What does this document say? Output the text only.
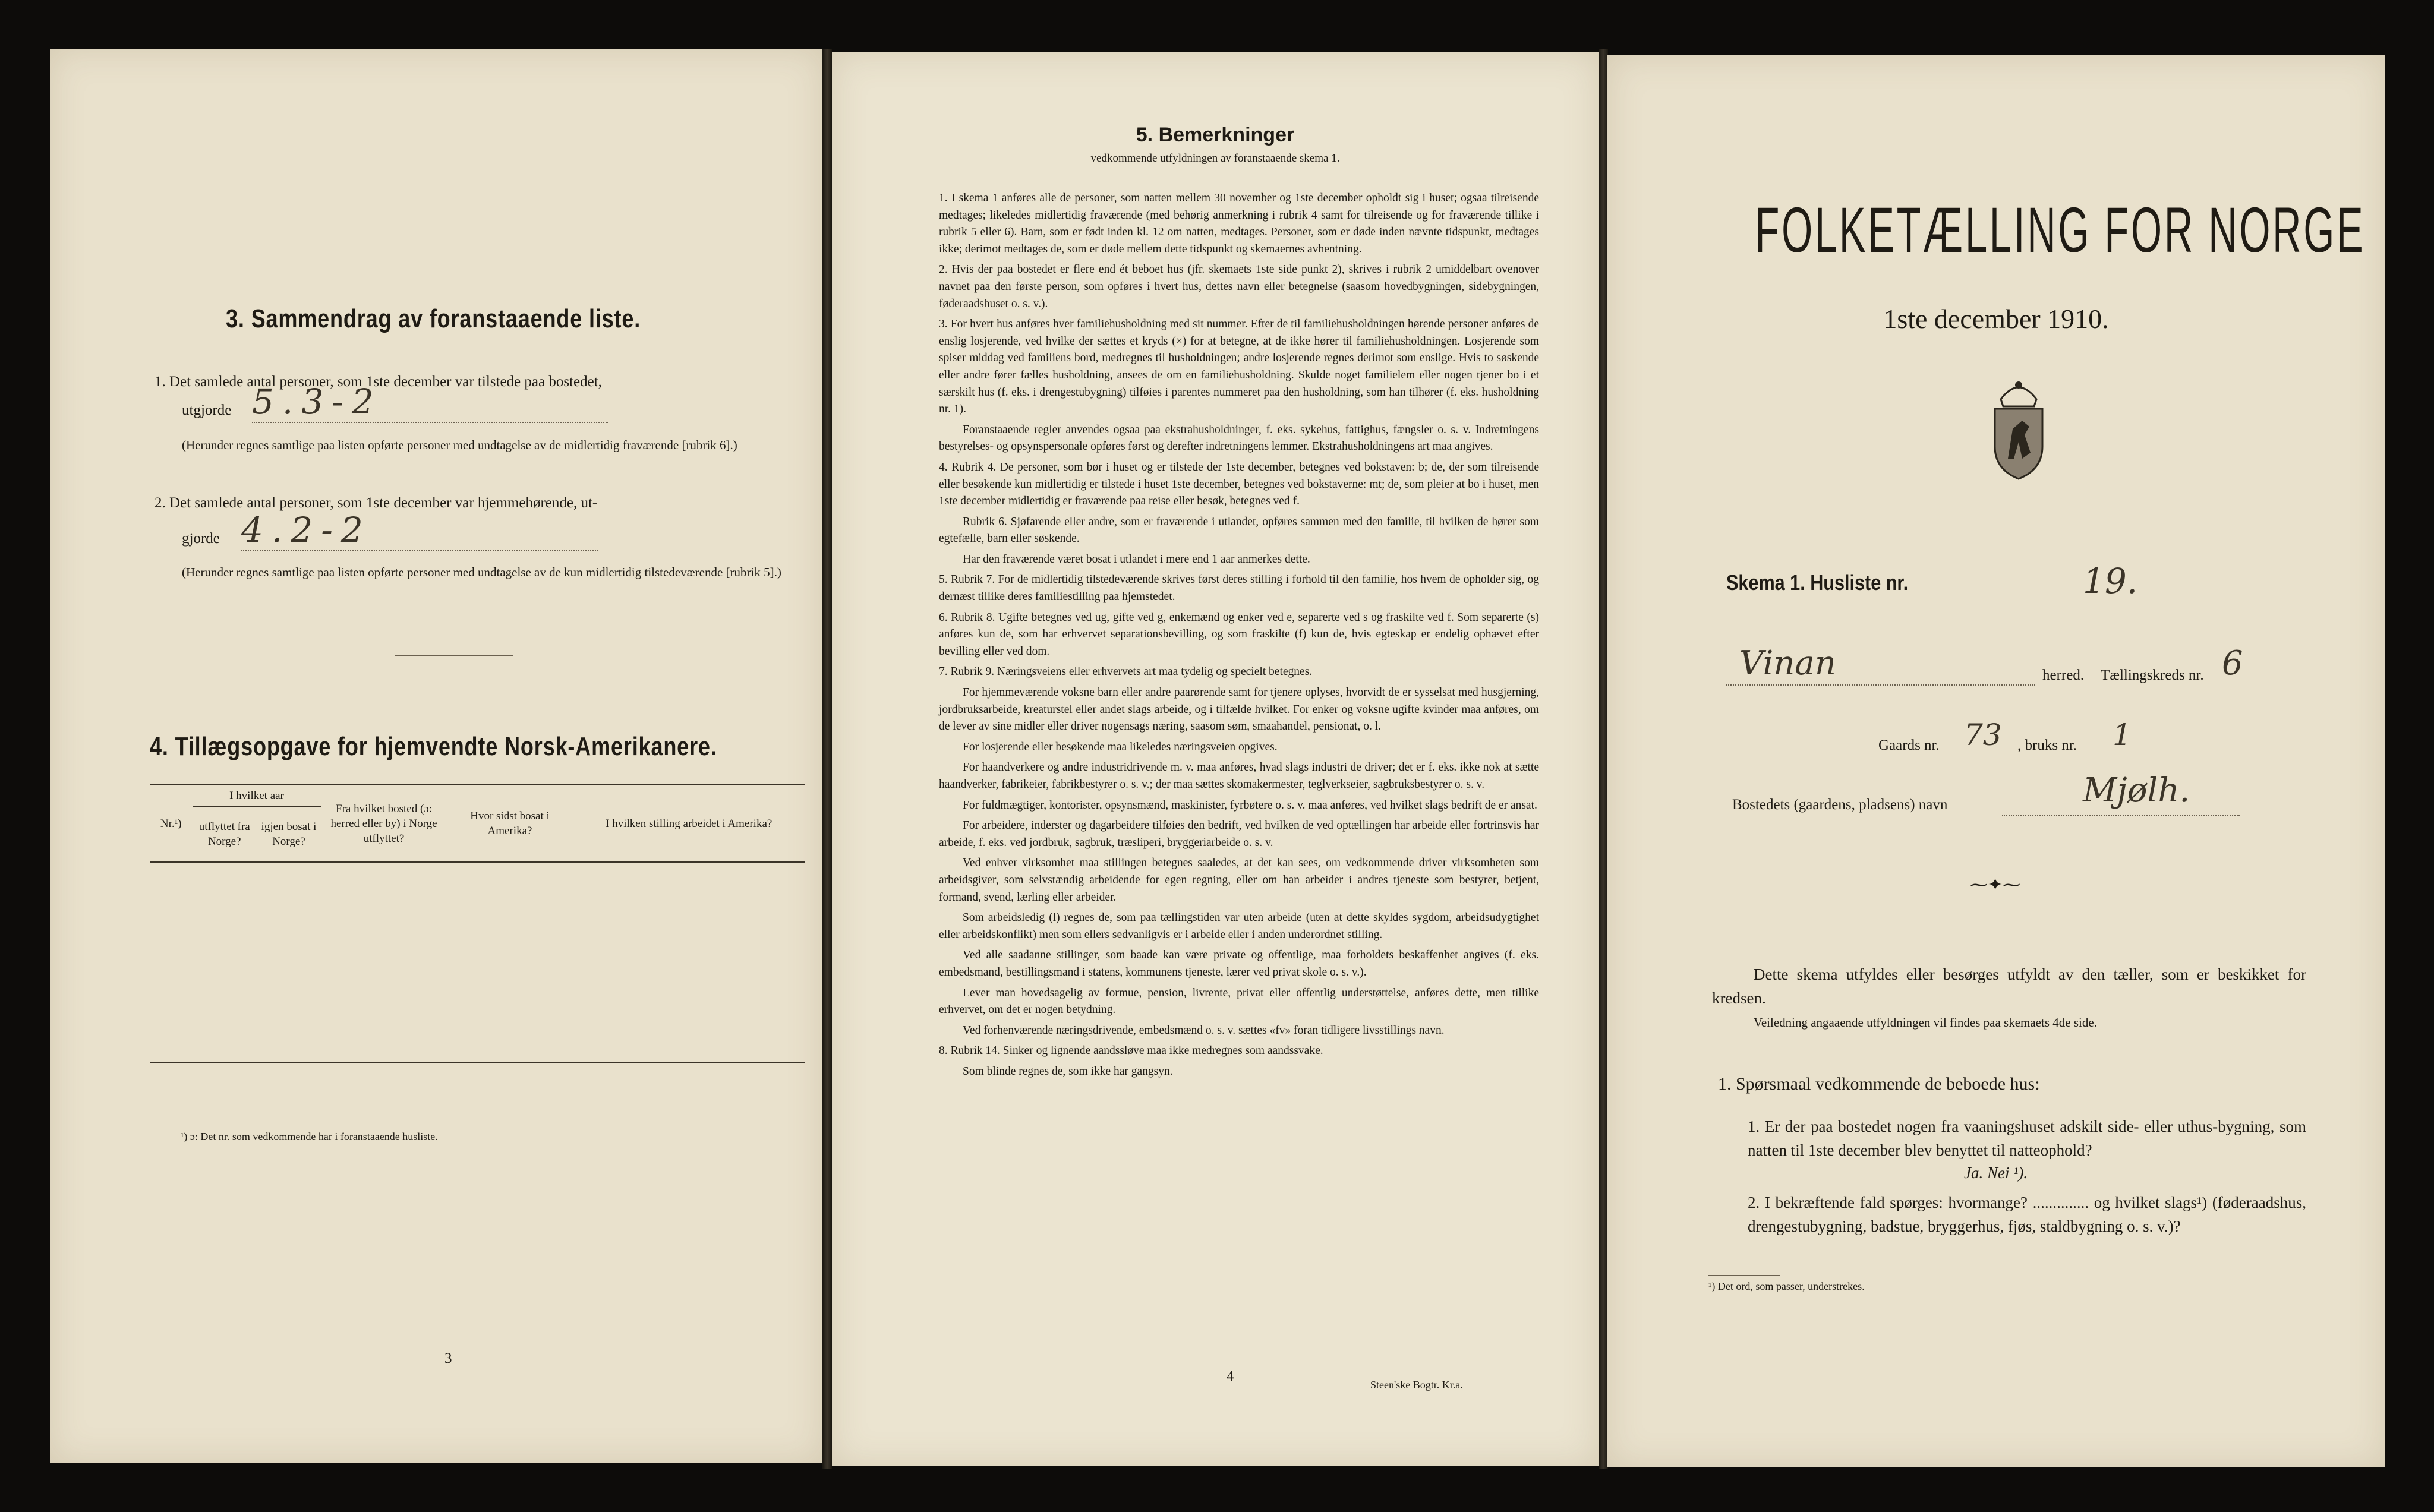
3. Sammendrag av foranstaaende liste.
1. Det samlede antal personer, som 1ste december var tilstede paa bostedet,
utgjorde 5.3-2
(Herunder regnes samtlige paa listen opførte personer med undtagelse av de midlertidig fraværende [rubrik 6].)
2. Det samlede antal personer, som 1ste december var hjemmehørende, ut-
gjorde 4.2-2
(Herunder regnes samtlige paa listen opførte personer med undtagelse av de kun midlertidig tilstedeværende [rubrik 5].)
4. Tillægsopgave for hjemvendte Norsk-Amerikanere.
Nr.¹)	I hvilket aar		Fra hvilket bosted (ɔ: herred eller by) i Norge utflyttet?	Hvor sidst bosat i Amerika?	I hvilken stilling arbeidet i Amerika?
	utflyttet fra Norge?	igjen bosat i Norge?			

¹) ɔ: Det nr. som vedkommende har i foranstaaende husliste.
3
5. Bemerkninger
vedkommende utfyldningen av foranstaaende skema 1.

1. I skema 1 anføres alle de personer, som natten mellem 30 november og 1ste december opholdt sig i huset; ogsaa tilreisende medtages; likeledes midlertidig fraværende (med behørig anmerkning i rubrik 4 samt for tilreisende og for fraværende tillike i rubrik 5 eller 6). Barn, som er født inden kl. 12 om natten, medtages. Personer, som er døde inden nævnte tidspunkt, medtages ikke; derimot medtages de, som er døde mellem dette tidspunkt og skemaernes avhentning.

2. Hvis der paa bostedet er flere end ét beboet hus (jfr. skemaets 1ste side punkt 2), skrives i rubrik 2 umiddelbart ovenover navnet paa den første person, som opføres i hvert hus, dettes navn eller betegnelse (saasom hovedbygningen, sidebygningen, føderaadshuset o. s. v.).

3. For hvert hus anføres hver familiehusholdning med sit nummer. Efter de til familiehusholdningen hørende personer anføres de enslig losjerende, ved hvilke der sættes et kryds (×) for at betegne, at de ikke hører til familiehusholdningen. Losjerende som spiser middag ved familiens bord, medregnes til husholdningen; andre losjerende regnes derimot som enslige. Hvis to søskende eller andre fører fælles husholdning, ansees de om en familiehusholdning. Skulde noget familielem eller nogen tjener bo i et særskilt hus (f. eks. i drengestubygning) tilføies i parentes nummeret paa den husholdning, som han tilhører (f. eks. husholdning nr. 1).

Foranstaaende regler anvendes ogsaa paa ekstrahusholdninger, f. eks. sykehus, fattighus, fængsler o. s. v. Indretningens bestyrelses- og opsynspersonale opføres først og derefter indretningens lemmer. Ekstrahusholdningens art maa angives.

4. Rubrik 4. De personer, som bør i huset og er tilstede der 1ste december, betegnes ved bokstaven: b; de, der som tilreisende eller besøkende kun midlertidig er tilstede i huset 1ste december, betegnes ved bokstaverne: mt; de, som pleier at bo i huset, men 1ste december midlertidig er fraværende paa reise eller besøk, betegnes ved f.

Rubrik 6. Sjøfarende eller andre, som er fraværende i utlandet, opføres sammen med den familie, til hvilken de hører som egtefælle, barn eller søskende.

Har den fraværende været bosat i utlandet i mere end 1 aar anmerkes dette.

5. Rubrik 7. For de midlertidig tilstedeværende skrives først deres stilling i forhold til den familie, hos hvem de opholder sig, og dernæst tillike deres familiestilling paa hjemstedet.

6. Rubrik 8. Ugifte betegnes ved ug, gifte ved g, enkemænd og enker ved e, separerte ved s og fraskilte ved f. Som separerte (s) anføres kun de, som har erhvervet separationsbevilling, og som fraskilte (f) kun de, hvis egteskap er endelig ophævet efter bevilling eller ved dom.

7. Rubrik 9. Næringsveiens eller erhvervets art maa tydelig og specielt betegnes.

For hjemmeværende voksne barn eller andre paarørende samt for tjenere oplyses, hvorvidt de er sysselsat med husgjerning, jordbruksarbeide, kreaturstel eller andet slags arbeide, og i tilfælde hvilket. For enker og voksne ugifte kvinder maa anføres, om de lever av sine midler eller driver nogensags næring, saasom søm, smaahandel, pensionat, o. l.

For losjerende eller besøkende maa likeledes næringsveien opgives.

For haandverkere og andre industridrivende m. v. maa anføres, hvad slags industri de driver; det er f. eks. ikke nok at sætte haandverker, fabrikeier, fabrikbestyrer o. s. v.; der maa sættes skomakermester, teglverkseier, sagbruksbestyrer o. s. v.

For fuldmægtiger, kontorister, opsynsmænd, maskinister, fyrbøtere o. s. v. maa anføres, ved hvilket slags bedrift de er ansat.

For arbeidere, inderster og dagarbeidere tilføies den bedrift, ved hvilken de ved optællingen har arbeide eller fortrinsvis har arbeide, f. eks. ved jordbruk, sagbruk, træsliperi, bryggeriarbeide o. s. v.

Ved enhver virksomhet maa stillingen betegnes saaledes, at det kan sees, om vedkommende driver virksomheten som arbeidsgiver, som selvstændig arbeidende for egen regning, eller om han arbeider i andres tjeneste som bestyrer, betjent, formand, svend, lærling eller arbeider.

Som arbeidsledig (l) regnes de, som paa tællingstiden var uten arbeide (uten at dette skyldes sygdom, arbeidsudygtighet eller arbeidskonflikt) men som ellers sedvanligvis er i arbeide eller i anden underordnet stilling.

Ved alle saadanne stillinger, som baade kan være private og offentlige, maa forholdets beskaffenhet angives (f. eks. embedsmand, bestillingsmand i statens, kommunens tjeneste, lærer ved privat skole o. s. v.).

Lever man hovedsagelig av formue, pension, livrente, privat eller offentlig understøttelse, anføres dette, men tillike erhvervet, om det er nogen betydning.

Ved forhenværende næringsdrivende, embedsmænd o. s. v. sættes «fv» foran tidligere livsstillings navn.

8. Rubrik 14. Sinker og lignende aandssløve maa ikke medregnes som aandssvake.

Som blinde regnes de, som ikke har gangsyn.

4
Steen'ske Bogtr. Kr.a.
FOLKETÆLLING FOR NORGE
1ste december 1910.
Skema 1. Husliste nr.	19.
Vinan	herred. Tællingskreds nr. 6
Gaards nr. 73 , bruks nr. 1
Bostedets (gaardens, pladsens) navn	Mjølh.
⁓✦⁓
Dette skema utfyldes eller besørges utfyldt av den tæller, som er beskikket for kredsen.
Veiledning angaaende utfyldningen vil findes paa skemaets 4de side.
1. Spørsmaal vedkommende de beboede hus:
1. Er der paa bostedet nogen fra vaaningshuset adskilt side- eller uthus-bygning, som natten til 1ste december blev benyttet til natteophold?
Ja. Nei ¹).
2. I bekræftende fald spørges: hvormange? .............. og hvilket slags¹) (føderaadshus, drengestubygning, badstue, bryggerhus, fjøs, staldbygning o. s. v.)?
¹) Det ord, som passer, understrekes.
